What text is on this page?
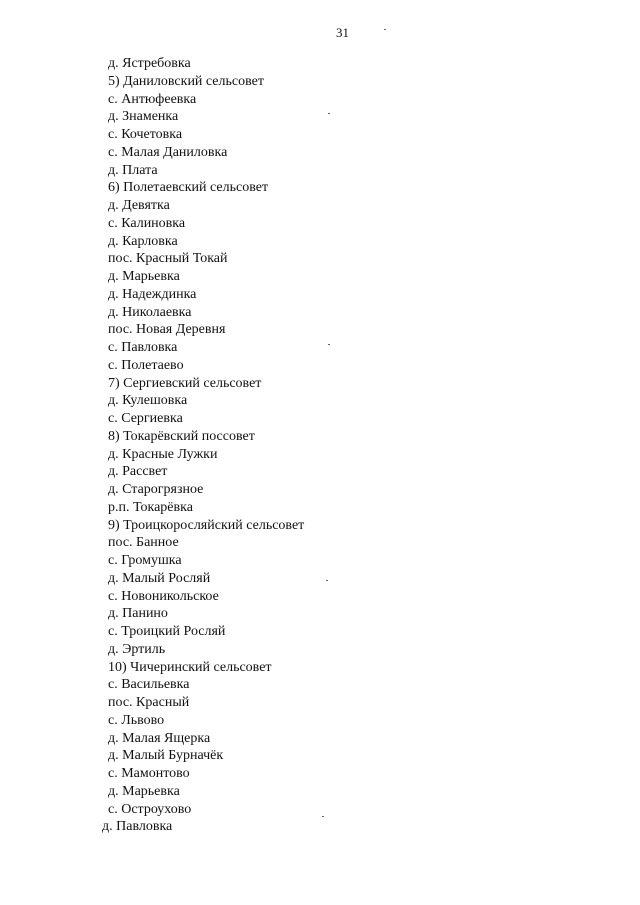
31
д. Ястребовка
5) Даниловский сельсовет
с. Антюфеевка
д. Знаменка
с. Кочетовка
с. Малая Даниловка
д. Плата
6) Полетаевский сельсовет
д. Девятка
с. Калиновка
д. Карловка
пос. Красный Токай
д. Марьевка
д. Надеждинка
д. Николаевка
пос. Новая Деревня
с. Павловка
с. Полетаево
7) Сергиевский сельсовет
д. Кулешовка
с. Сергиевка
8) Токарёвский поссовет
д. Красные Лужки
д. Рассвет
д. Старогрязное
р.п. Токарёвка
9) Троицкоросляйский сельсовет
пос. Банное
с. Громушка
д. Малый Росляй
с. Новоникольское
д. Панино
с. Троицкий Росляй
д. Эртиль
10) Чичеринский сельсовет
с. Васильевка
пос. Красный
с. Львово
д. Малая Ящерка
д. Малый Бурначёк
с. Мамонтово
д. Марьевка
с. Остроухово
д. Павловка
